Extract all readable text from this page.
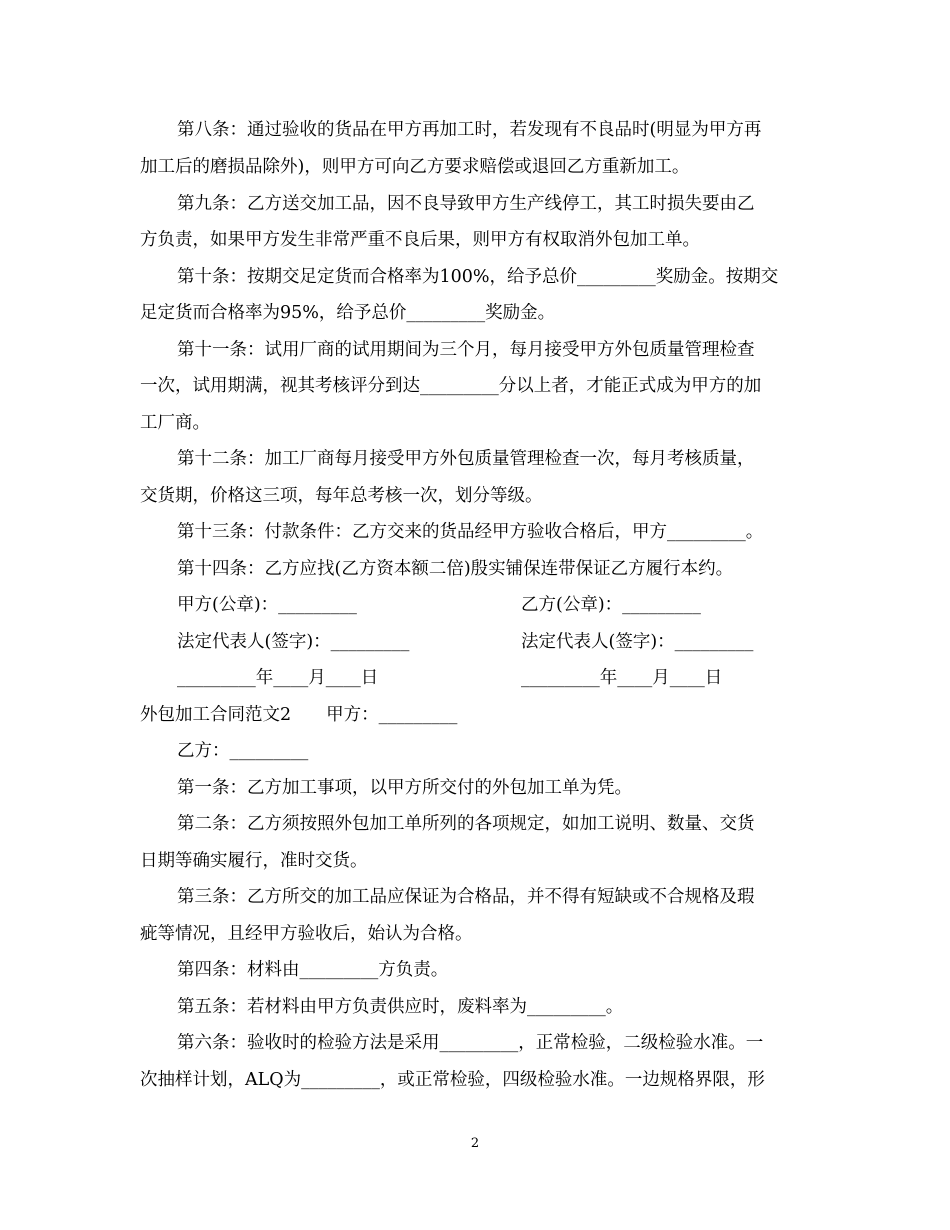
第八条：通过验收的货品在甲方再加工时，若发现有不良品时(明显为甲方再
加工后的磨损品除外)，则甲方可向乙方要求赔偿或退回乙方重新加工。
第九条：乙方送交加工品，因不良导致甲方生产线停工，其工时损失要由乙
方负责，如果甲方发生非常严重不良后果，则甲方有权取消外包加工单。
第十条：按期交足定货而合格率为100%，给予总价_________奖励金。按期交
足定货而合格率为95%，给予总价_________奖励金。
第十一条：试用厂商的试用期间为三个月，每月接受甲方外包质量管理检查
一次，试用期满，视其考核评分到达_________分以上者，才能正式成为甲方的加
工厂商。
第十二条：加工厂商每月接受甲方外包质量管理检查一次，每月考核质量，
交货期，价格这三项，每年总考核一次，划分等级。
第十三条：付款条件：乙方交来的货品经甲方验收合格后，甲方_________。
第十四条：乙方应找(乙方资本额二倍)殷实铺保连带保证乙方履行本约。
甲方(公章)：_________	乙方(公章)：_________
法定代表人(签字)：_________	法定代表人(签字)：_________
_________年____月____日	_________年____月____日
外包加工合同范文2　　甲方：_________
乙方：_________
第一条：乙方加工事项，以甲方所交付的外包加工单为凭。
第二条：乙方须按照外包加工单所列的各项规定，如加工说明、数量、交货
日期等确实履行，准时交货。
第三条：乙方所交的加工品应保证为合格品，并不得有短缺或不合规格及瑕
疵等情况，且经甲方验收后，始认为合格。
第四条：材料由_________方负责。
第五条：若材料由甲方负责供应时，废料率为_________。
第六条：验收时的检验方法是采用_________，正常检验，二级检验水准。一
次抽样计划，ALQ为_________，或正常检验，四级检验水准。一边规格界限，形
2
